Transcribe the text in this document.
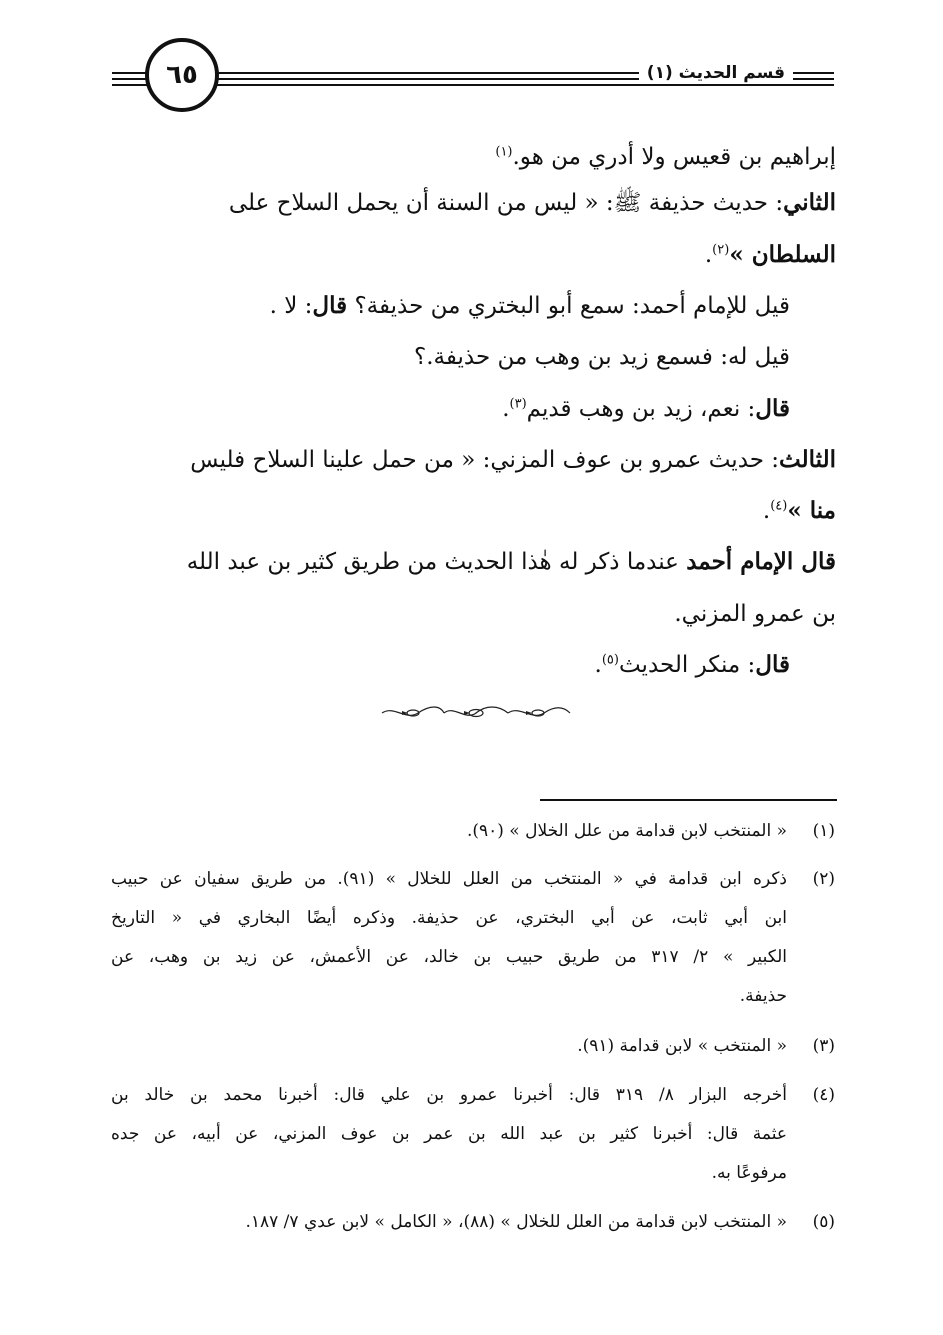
٦٥	قسم الحديث (١)
إبراهيم بن قعيس ولا أدري من هو.$^{(١)}$
الثاني: حديث حذيفة ﷺ: « ليس من السنة أن يحمل السلاح على
السلطان »$^{(٢)}$.
قيل للإمام أحمد: سمع أبو البختري من حذيفة؟ قال: لا .
قيل له: فسمع زيد بن وهب من حذيفة.؟
قال: نعم، زيد بن وهب قديم$^{(٣)}$.
الثالث: حديث عمرو بن عوف المزني: « من حمل علينا السلاح فليس
منا »$^{(٤)}$.
قال الإمام أحمد عندما ذكر له هٰذا الحديث من طريق كثير بن عبد الله
بن عمرو المزني.
قال: منكر الحديث$^{(٥)}$.
(١)
« المنتخب لابن قدامة من علل الخلال » (٩٠).
(٢)
ذكره ابن قدامة في « المنتخب من العلل للخلال » (٩١). من طريق سفيان عن حبيب
ابن أبي ثابت، عن أبي البختري، عن حذيفة. وذكره أيضًا البخاري في « التاريخ
الكبير » ٢/ ٣١٧ من طريق حبيب بن خالد، عن الأعمش، عن زيد بن وهب، عن
حذيفة.
(٣)
« المنتخب » لابن قدامة (٩١).
(٤)
أخرجه البزار ٨/ ٣١٩ قال: أخبرنا عمرو بن علي قال: أخبرنا محمد بن خالد بن
عثمة قال: أخبرنا كثير بن عبد الله بن عمر بن عوف المزني، عن أبيه، عن جده
مرفوعًا به.
(٥)
« المنتخب لابن قدامة من العلل للخلال » (٨٨)، « الكامل » لابن عدي ٧/ ١٨٧.
